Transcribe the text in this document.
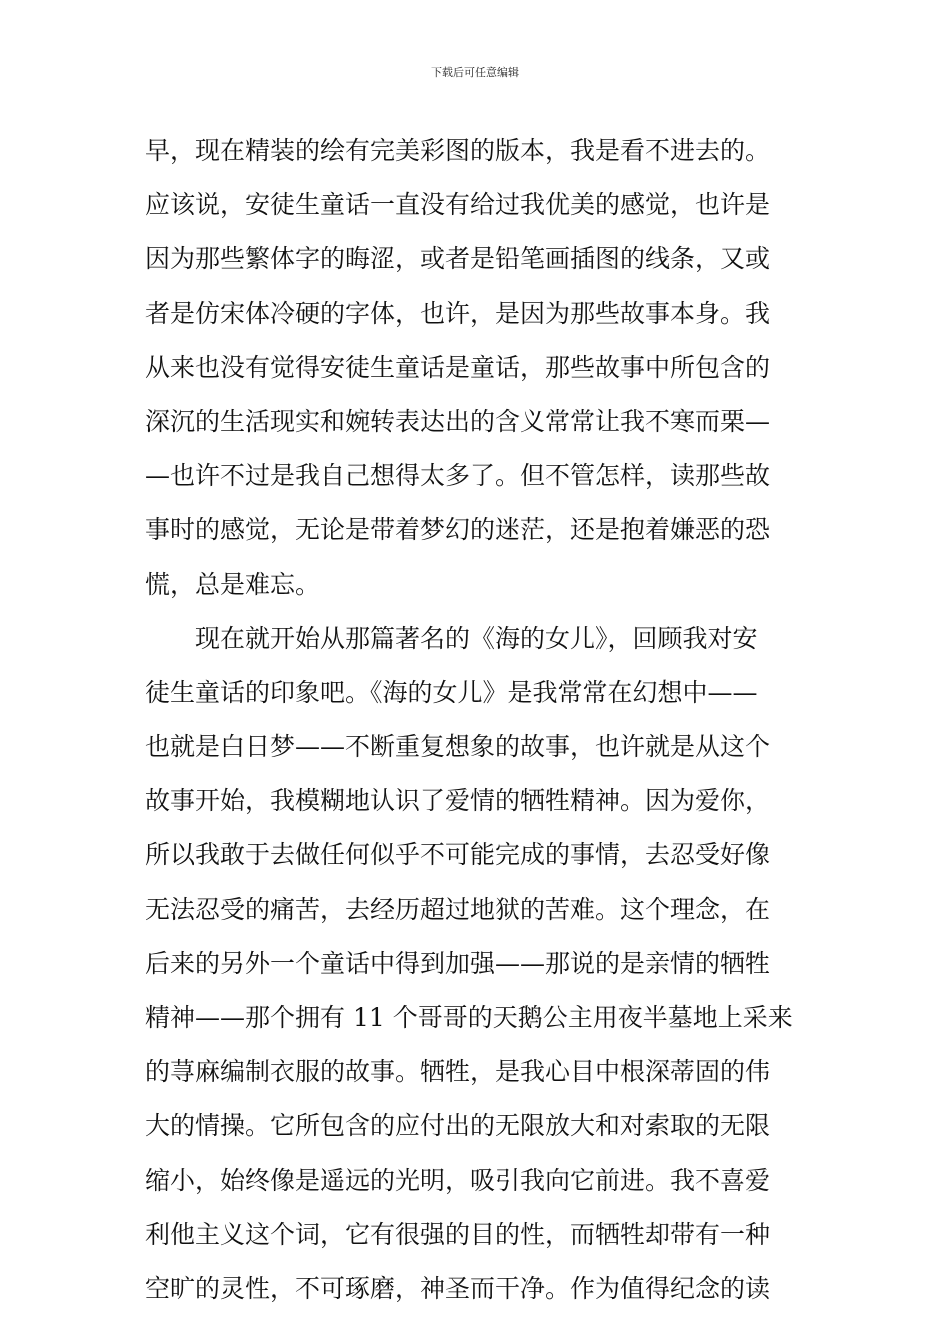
下载后可任意编辑
早，现在精装的绘有完美彩图的版本，我是看不进去的。
应该说，安徒生童话一直没有给过我优美的感觉，也许是
因为那些繁体字的晦涩，或者是铅笔画插图的线条，又或
者是仿宋体冷硬的字体，也许，是因为那些故事本身。我
从来也没有觉得安徒生童话是童话，那些故事中所包含的
深沉的生活现实和婉转表达出的含义常常让我不寒而栗—
—也许不过是我自己想得太多了。但不管怎样，读那些故
事时的感觉，无论是带着梦幻的迷茫，还是抱着嫌恶的恐
慌，总是难忘。
现在就开始从那篇著名的《海的女儿》，回顾我对安
徒生童话的印象吧。《海的女儿》是我常常在幻想中——
也就是白日梦——不断重复想象的故事，也许就是从这个
故事开始，我模糊地认识了爱情的牺牲精神。因为爱你，
所以我敢于去做任何似乎不可能完成的事情，去忍受好像
无法忍受的痛苦，去经历超过地狱的苦难。这个理念，在
后来的另外一个童话中得到加强——那说的是亲情的牺牲
精神——那个拥有 11 个哥哥的天鹅公主用夜半墓地上采来
的荨麻编制衣服的故事。牺牲，是我心目中根深蒂固的伟
大的情操。它所包含的应付出的无限放大和对索取的无限
缩小，始终像是遥远的光明，吸引我向它前进。我不喜爱
利他主义这个词，它有很强的目的性，而牺牲却带有一种
空旷的灵性，不可琢磨，神圣而干净。作为值得纪念的读
